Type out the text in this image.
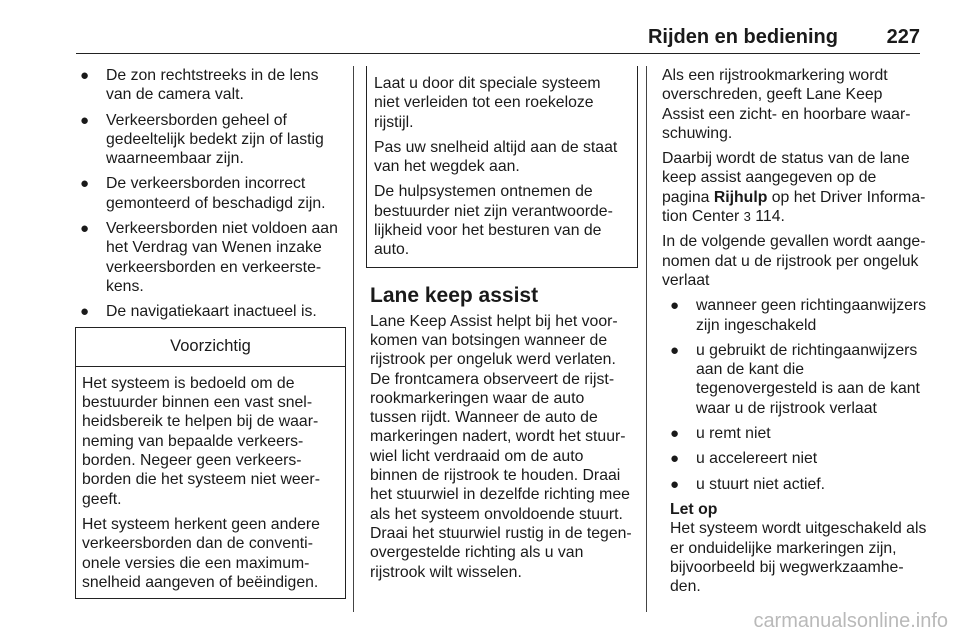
Rijden en bediening 227
● De zon rechtstreeks in de lens van de camera valt.
● Verkeersborden geheel of gedeeltelijk bedekt zijn of lastig waarneembaar zijn.
● De verkeersborden incorrect gemonteerd of beschadigd zijn.
● Verkeersborden niet voldoen aan het Verdrag van Wenen inzake verkeersborden en verkeerstekens.
● De navigatiekaart inactueel is.
Voorzichtig

Het systeem is bedoeld om de bestuurder binnen een vast snelheidsbereik te helpen bij de waarneming van bepaalde verkeersborden. Negeer geen verkeersborden die het systeem niet weergeeft.

Het systeem herkent geen andere verkeersborden dan de conventionele versies die een maximumsnelheid aangeven of beëindigen.

Laat u door dit speciale systeem niet verleiden tot een roekeloze rijstijl.

Pas uw snelheid altijd aan de staat van het wegdek aan.

De hulpsystemen ontnemen de bestuurder niet zijn verantwoordelijkheid voor het besturen van de auto.

Lane keep assist

Lane Keep Assist helpt bij het voorkomen van botsingen wanneer de rijstrook per ongeluk werd verlaten. De frontcamera observeert de rijstrookmarkeringen waar de auto tussen rijdt. Wanneer de auto de markeringen nadert, wordt het stuurwiel licht verdraaid om de auto binnen de rijstrook te houden. Draai het stuurwiel in dezelfde richting mee als het systeem onvoldoende stuurt. Draai het stuurwiel rustig in de tegenovergestelde richting als u van rijstrook wilt wisselen.

Als een rijstrookmarkering wordt overschreden, geeft Lane Keep Assist een zicht- en hoorbare waarschuwing.

Daarbij wordt de status van de lane keep assist aangegeven op de pagina Rijhulp op het Driver Information Center 3 114.

In de volgende gevallen wordt aangenomen dat u de rijstrook per ongeluk verlaat

● wanneer geen richtingaanwijzers zijn ingeschakeld
● u gebruikt de richtingaanwijzers aan de kant die tegenovergesteld is aan de kant waar u de rijstrook verlaat
● u remt niet
● u accelereert niet
● u stuurt niet actief.
Let op
Het systeem wordt uitgeschakeld als er onduidelijke markeringen zijn, bijvoorbeeld bij wegwerkzaamheden.
carmanualsonline.info
